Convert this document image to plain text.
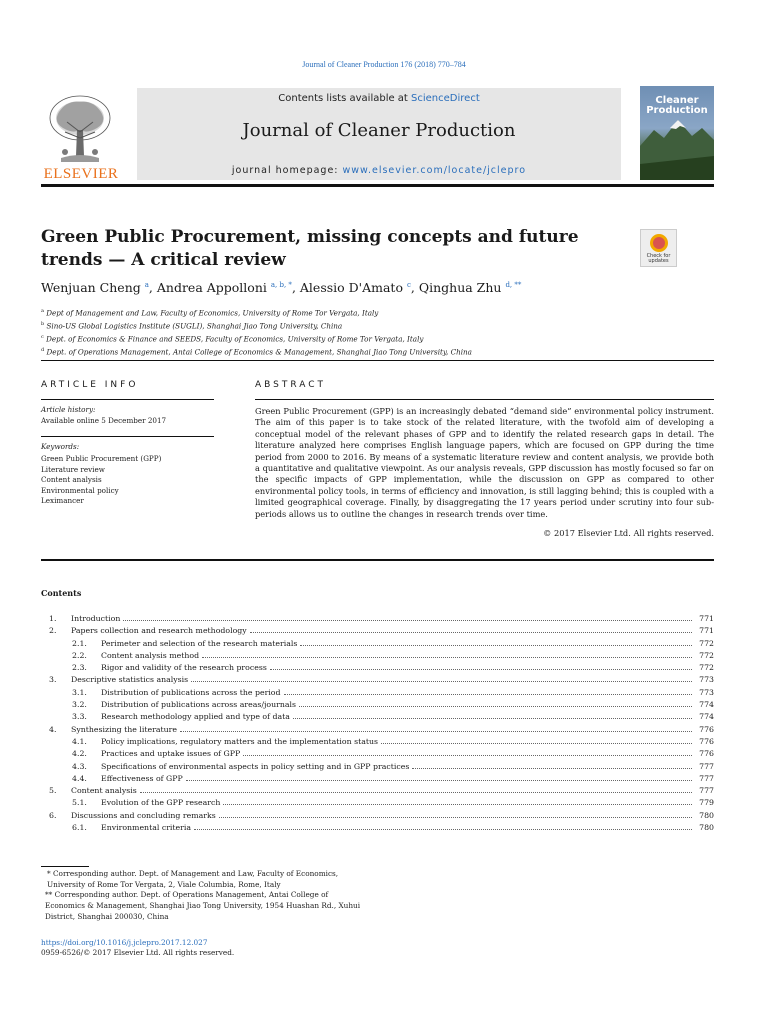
Journal of Cleaner Production 176 (2018) 770–784
ELSEVIER
Contents lists available at ScienceDirect
Journal of Cleaner Production
journal homepage: www.elsevier.com/locate/jclepro
Cleaner
Production
Green Public Procurement, missing concepts and future trends — A critical review	Check for
updates
Wenjuan Cheng $^a$, Andrea Appolloni $^{a, b, *}$, Alessio D'Amato $^c$, Qinghua Zhu $^{d, **}$
$^a$ Dept of Management and Law, Faculty of Economics, University of Rome Tor Vergata, Italy
$^b$ Sino-US Global Logistics Institute (SUGLI), Shanghai Jiao Tong University, China
$^c$ Dept. of Economics & Finance and SEEDS, Faculty of Economics, University of Rome Tor Vergata, Italy
$^d$ Dept. of Operations Management, Antai College of Economics & Management, Shanghai Jiao Tong University, China
ARTICLE INFO
Article history:
Available online 5 December 2017
Keywords:
Green Public Procurement (GPP)
Literature review
Content analysis
Environmental policy
Leximancer
ABSTRACT

Green Public Procurement (GPP) is an increasingly debated “demand side” environmental policy instrument. The aim of this paper is to take stock of the related literature, with the twofold aim of developing a conceptual model of the relevant phases of GPP and to identify the related research gaps in detail. The literature analyzed here comprises English language papers, which are focused on GPP during the time period from 2000 to 2016. By means of a systematic literature review and content analysis, we provide both a quantitative and qualitative viewpoint. As our analysis reveals, GPP discussion has mostly focused so far on the specific impacts of GPP implementation, while the discussion on GPP as compared to other environmental policy tools, in terms of efficiency and innovation, is still lagging behind; this is coupled with a limited geographical coverage. Finally, by disaggregating the 17 years period under scrutiny into four sub-periods allows us to outline the changes in research trends over time.

© 2017 Elsevier Ltd. All rights reserved.
Contents
1.	Introduction	771
2.	Papers collection and research methodology	771
2.1.	Perimeter and selection of the research materials	772
2.2.	Content analysis method	772
2.3.	Rigor and validity of the research process	772
3.	Descriptive statistics analysis	773
3.1.	Distribution of publications across the period	773
3.2.	Distribution of publications across areas/journals	774
3.3.	Research methodology applied and type of data	774
4.	Synthesizing the literature	776
4.1.	Policy implications, regulatory matters and the implementation status	776
4.2.	Practices and uptake issues of GPP	776
4.3.	Specifications of environmental aspects in policy setting and in GPP practices	777
4.4.	Effectiveness of GPP	777
5.	Content analysis	777
5.1.	Evolution of the GPP research	779
6.	Discussions and concluding remarks	780
6.1.	Environmental criteria	780
* Corresponding author. Dept. of Management and Law, Faculty of Economics, University of Rome Tor Vergata, 2, Viale Columbia, Rome, Italy
** Corresponding author. Dept. of Operations Management, Antai College of Economics & Management, Shanghai Jiao Tong University, 1954 Huashan Rd., Xuhui District, Shanghai 200030, China
https://doi.org/10.1016/j.jclepro.2017.12.027
0959-6526/© 2017 Elsevier Ltd. All rights reserved.
